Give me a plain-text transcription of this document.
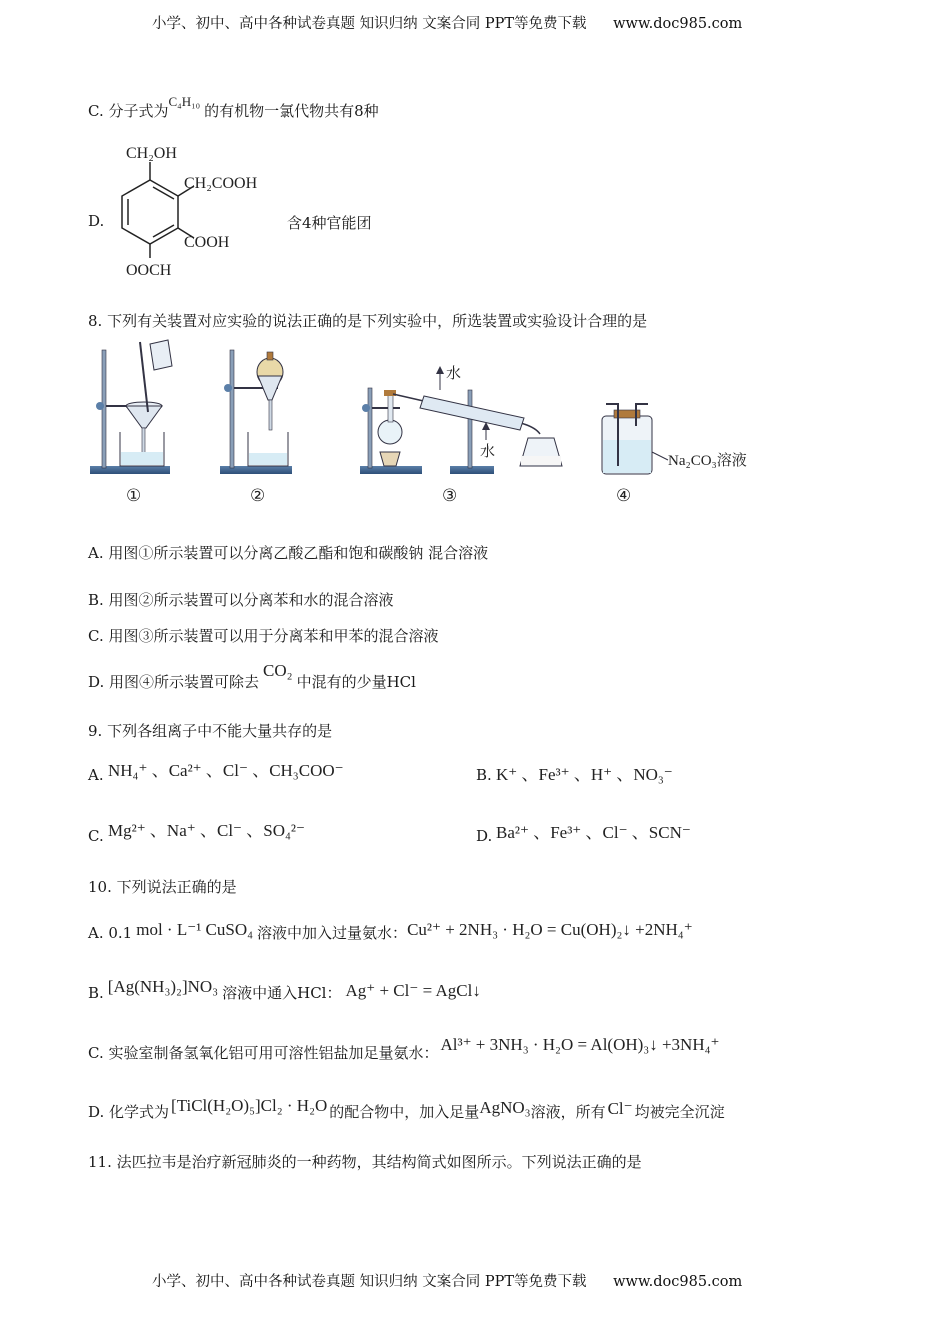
小学、初中、高中各种试卷真题 知识归纳 文案合同 PPT等免费下载 www.doc985.com
C. 分子式为C₄H₁₀的有机物一氯代物共有8种
D.
CH₂OH
CH₂COOH
COOH
OOCH
含4种官能团
8. 下列有关装置对应实验的说法正确的是下列实验中，所选装置或实验设计合理的是
①	②
水
水
③
Na₂CO₃溶液
④
A. 用图①所示装置可以分离乙酸乙酯和饱和碳酸钠 混合溶液
B. 用图②所示装置可以分离苯和水的混合溶液
C. 用图③所示装置可以用于分离苯和甲苯的混合溶液
D. 用图④所示装置可除去CO₂中混有的少量HCl
9. 下列各组离子中不能大量共存的是
A. NH₄⁺ 、Ca²⁺ 、Cl⁻ 、CH₃COO⁻	B. K⁺ 、Fe³⁺ 、H⁺ 、NO₃⁻
C. Mg²⁺ 、Na⁺ 、Cl⁻ 、SO₄²⁻	D. Ba²⁺ 、Fe³⁺ 、Cl⁻ 、SCN⁻
10. 下列说法正确的是
A. 0.1 mol · L⁻¹ CuSO₄ 溶液中加入过量氨水：Cu²⁺ + 2NH₃ · H₂O = Cu(OH)₂↓ +2NH₄⁺
B. [Ag(NH₃)₂]NO₃ 溶液中通入HCl： Ag⁺ + Cl⁻ = AgCl↓
C. 实验室制备氢氧化铝可用可溶性铝盐加足量氨水： Al³⁺ + 3NH₃ · H₂O = Al(OH)₃↓ +3NH₄⁺
D. 化学式为 [TiCl(H₂O)₅]Cl₂ · H₂O 的配合物中，加入足量AgNO₃溶液，所有 Cl⁻ 均被完全沉淀
11. 法匹拉韦是治疗新冠肺炎的一种药物，其结构简式如图所示。下列说法正确的是
小学、初中、高中各种试卷真题 知识归纳 文案合同 PPT等免费下载 www.doc985.com
